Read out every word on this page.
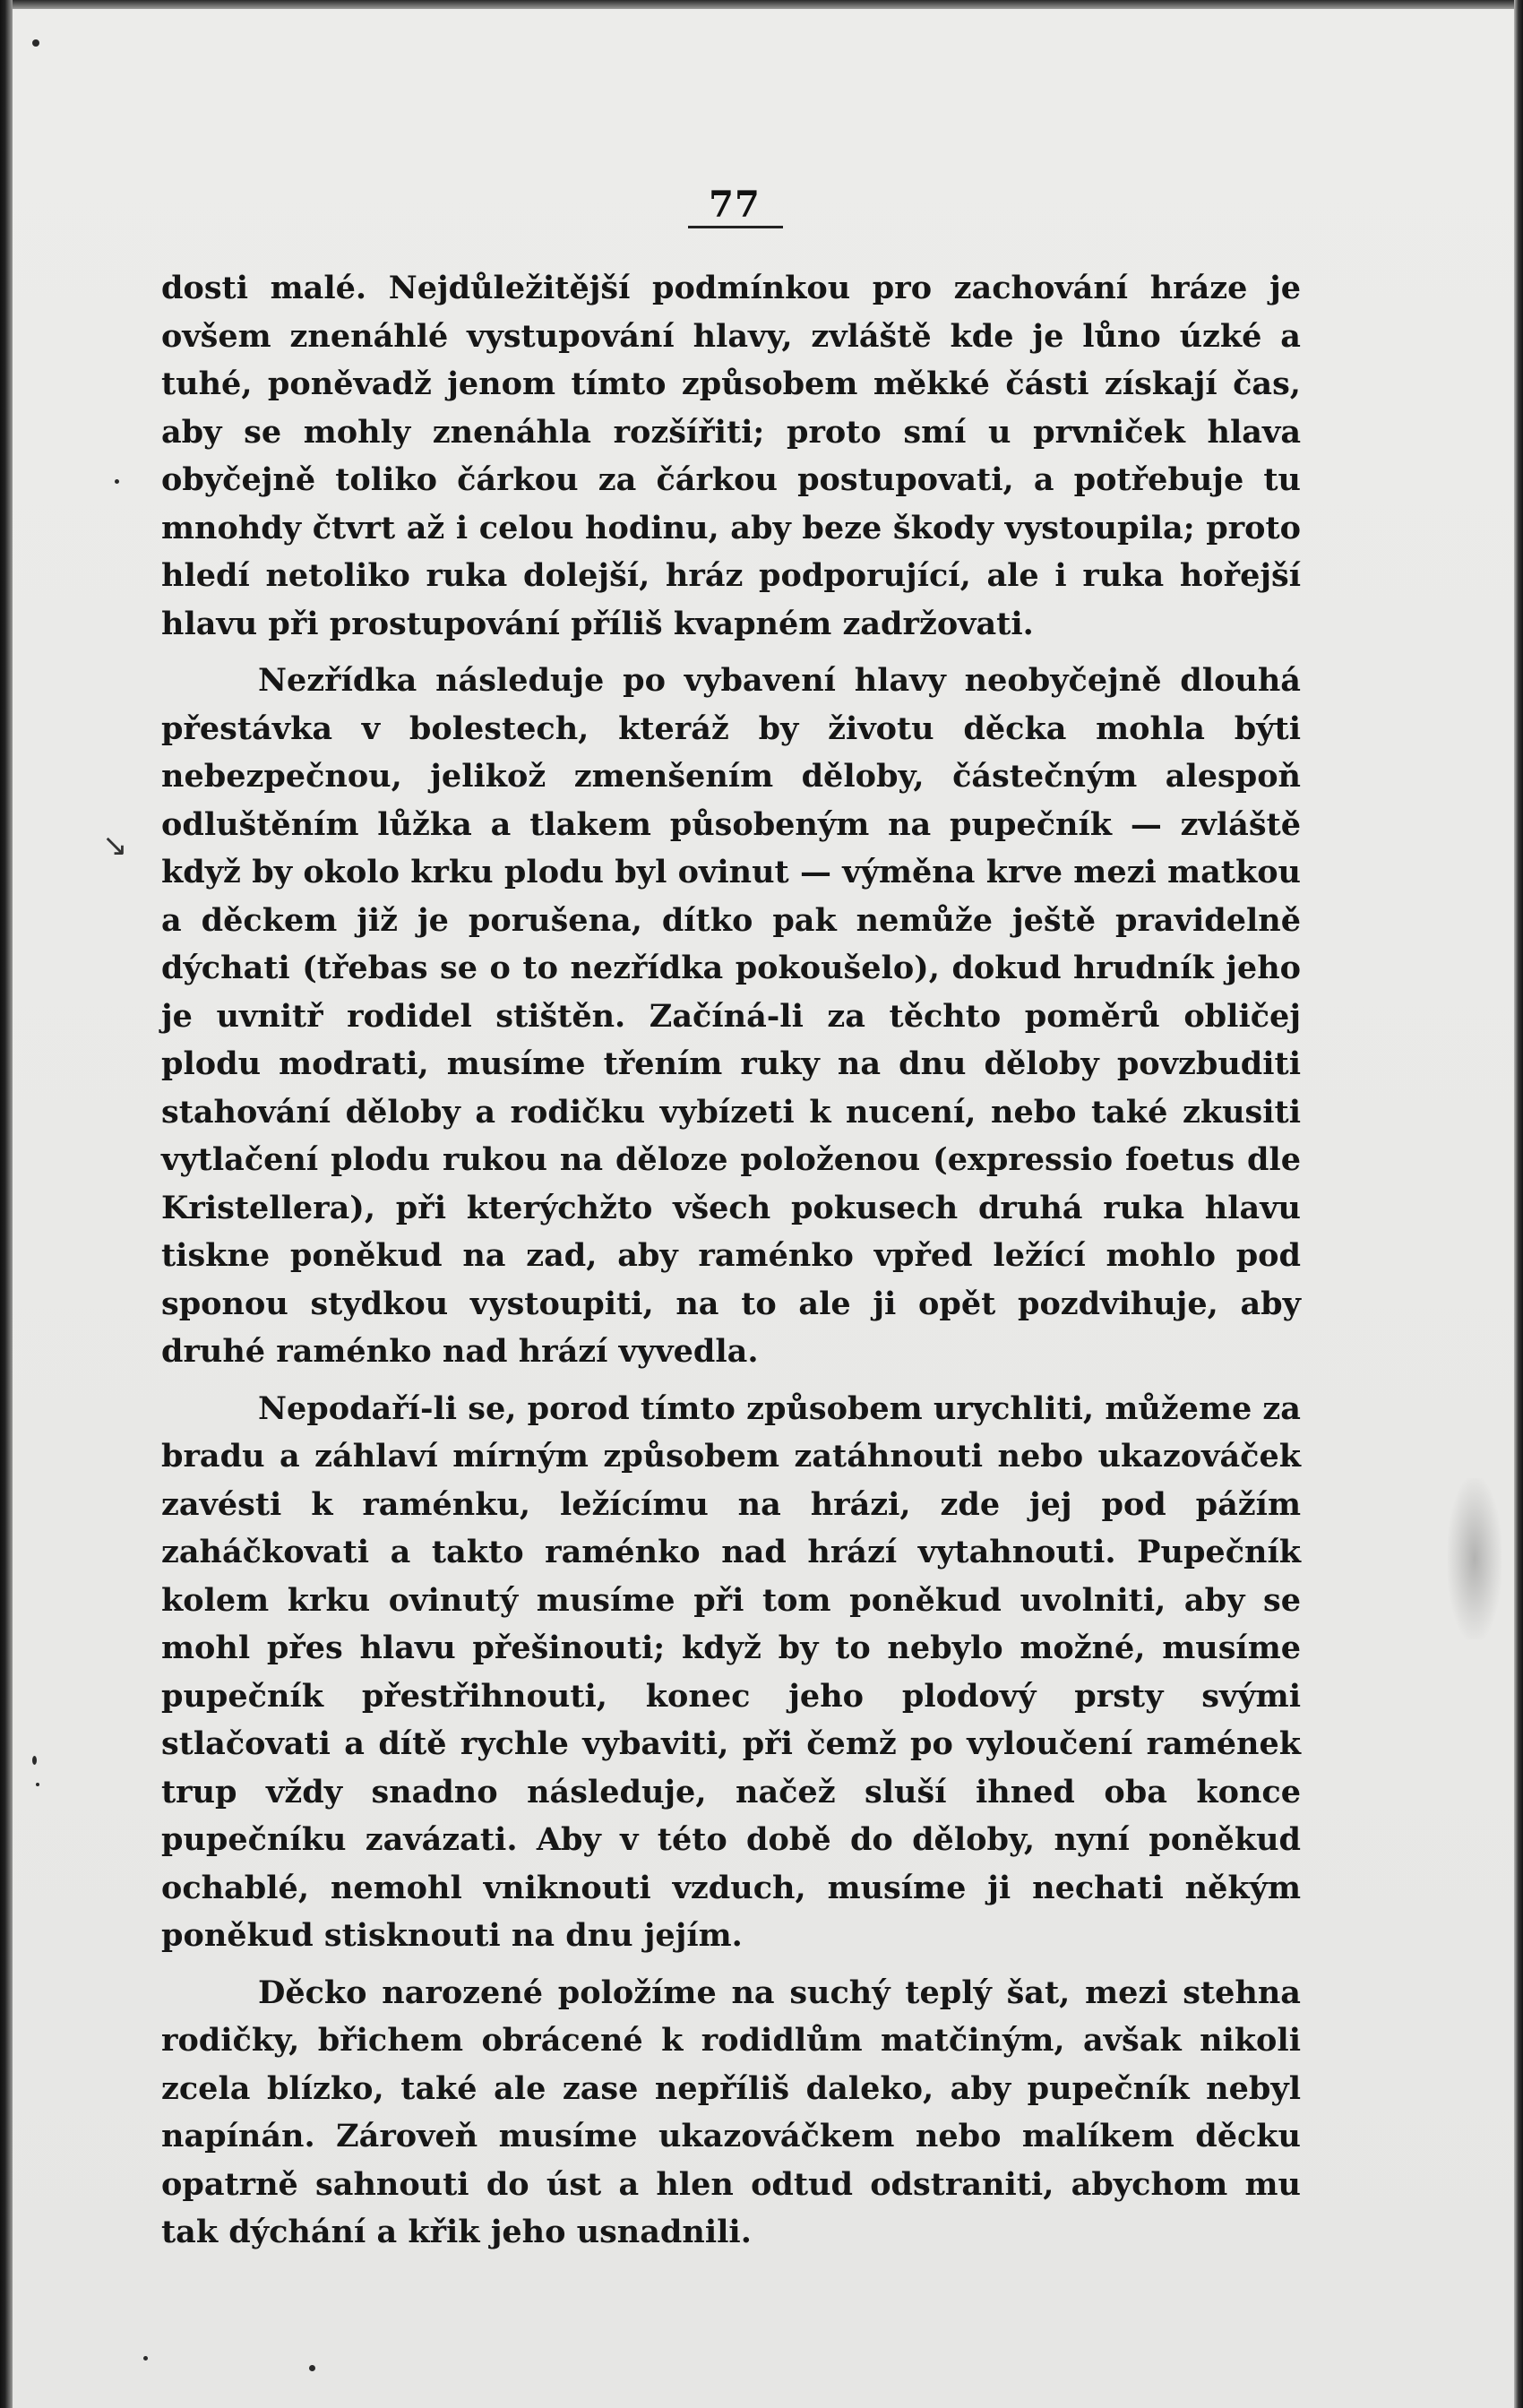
↘
77

dosti malé. Nejdůležitější podmínkou pro zachování hráze je ovšem znenáhlé vystupování hlavy, zvláště kde je lůno úzké a tuhé, poněvadž jenom tímto způsobem měkké části získají čas, aby se mohly znenáhla rozšířiti; proto smí u prvniček hlava obyčejně toliko čárkou za čárkou postupovati, a potřebuje tu mnohdy čtvrt až i celou hodinu, aby beze škody vystoupila; proto hledí netoliko ruka dolejší, hráz podporující, ale i ruka hořejší hlavu při prostupování příliš kvapném zadržovati.

Nezřídka následuje po vybavení hlavy neobyčejně dlouhá přestávka v bolestech, kteráž by životu děcka mohla býti nebezpečnou, jelikož zmenšením děloby, částečným alespoň odluštěním lůžka a tlakem působeným na pupečník — zvláště když by okolo krku plodu byl ovinut — výměna krve mezi matkou a děckem již je porušena, dítko pak nemůže ještě pravidelně dýchati (třebas se o to nezřídka pokoušelo), dokud hrudník jeho je uvnitř rodidel stištěn. Začíná-li za těchto poměrů obličej plodu modrati, musíme třením ruky na dnu děloby povzbuditi stahování děloby a rodičku vybízeti k nucení, nebo také zkusiti vytlačení plodu rukou na děloze položenou (expressio foetus dle Kristellera), při kterýchžto všech pokusech druhá ruka hlavu tiskne poněkud na zad, aby raménko vpřed ležící mohlo pod sponou stydkou vystoupiti, na to ale ji opět pozdvihuje, aby druhé raménko nad hrází vyvedla.

Nepodaří-li se, porod tímto způsobem urychliti, můžeme za bradu a záhlaví mírným způsobem zatáhnouti nebo ukazováček zavésti k raménku, ležícímu na hrázi, zde jej pod pážím zaháčkovati a takto raménko nad hrází vytahnouti. Pupečník kolem krku ovinutý musíme při tom poněkud uvolniti, aby se mohl přes hlavu přešinouti; když by to nebylo možné, musíme pupečník přestřihnouti, konec jeho plodový prsty svými stlačovati a dítě rychle vybaviti, při čemž po vyloučení ramének trup vždy snadno následuje, načež sluší ihned oba konce pupečníku zavázati. Aby v této době do děloby, nyní poněkud ochablé, nemohl vniknouti vzduch, musíme ji nechati někým poněkud stisknouti na dnu jejím.

Děcko narozené položíme na suchý teplý šat, mezi stehna rodičky, břichem obrácené k rodidlům matčiným, avšak nikoli zcela blízko, také ale zase nepříliš daleko, aby pupečník nebyl napínán. Zároveň musíme ukazováčkem nebo malíkem děcku opatrně sahnouti do úst a hlen odtud odstraniti, abychom mu tak dýchání a křik jeho usnadnili.
